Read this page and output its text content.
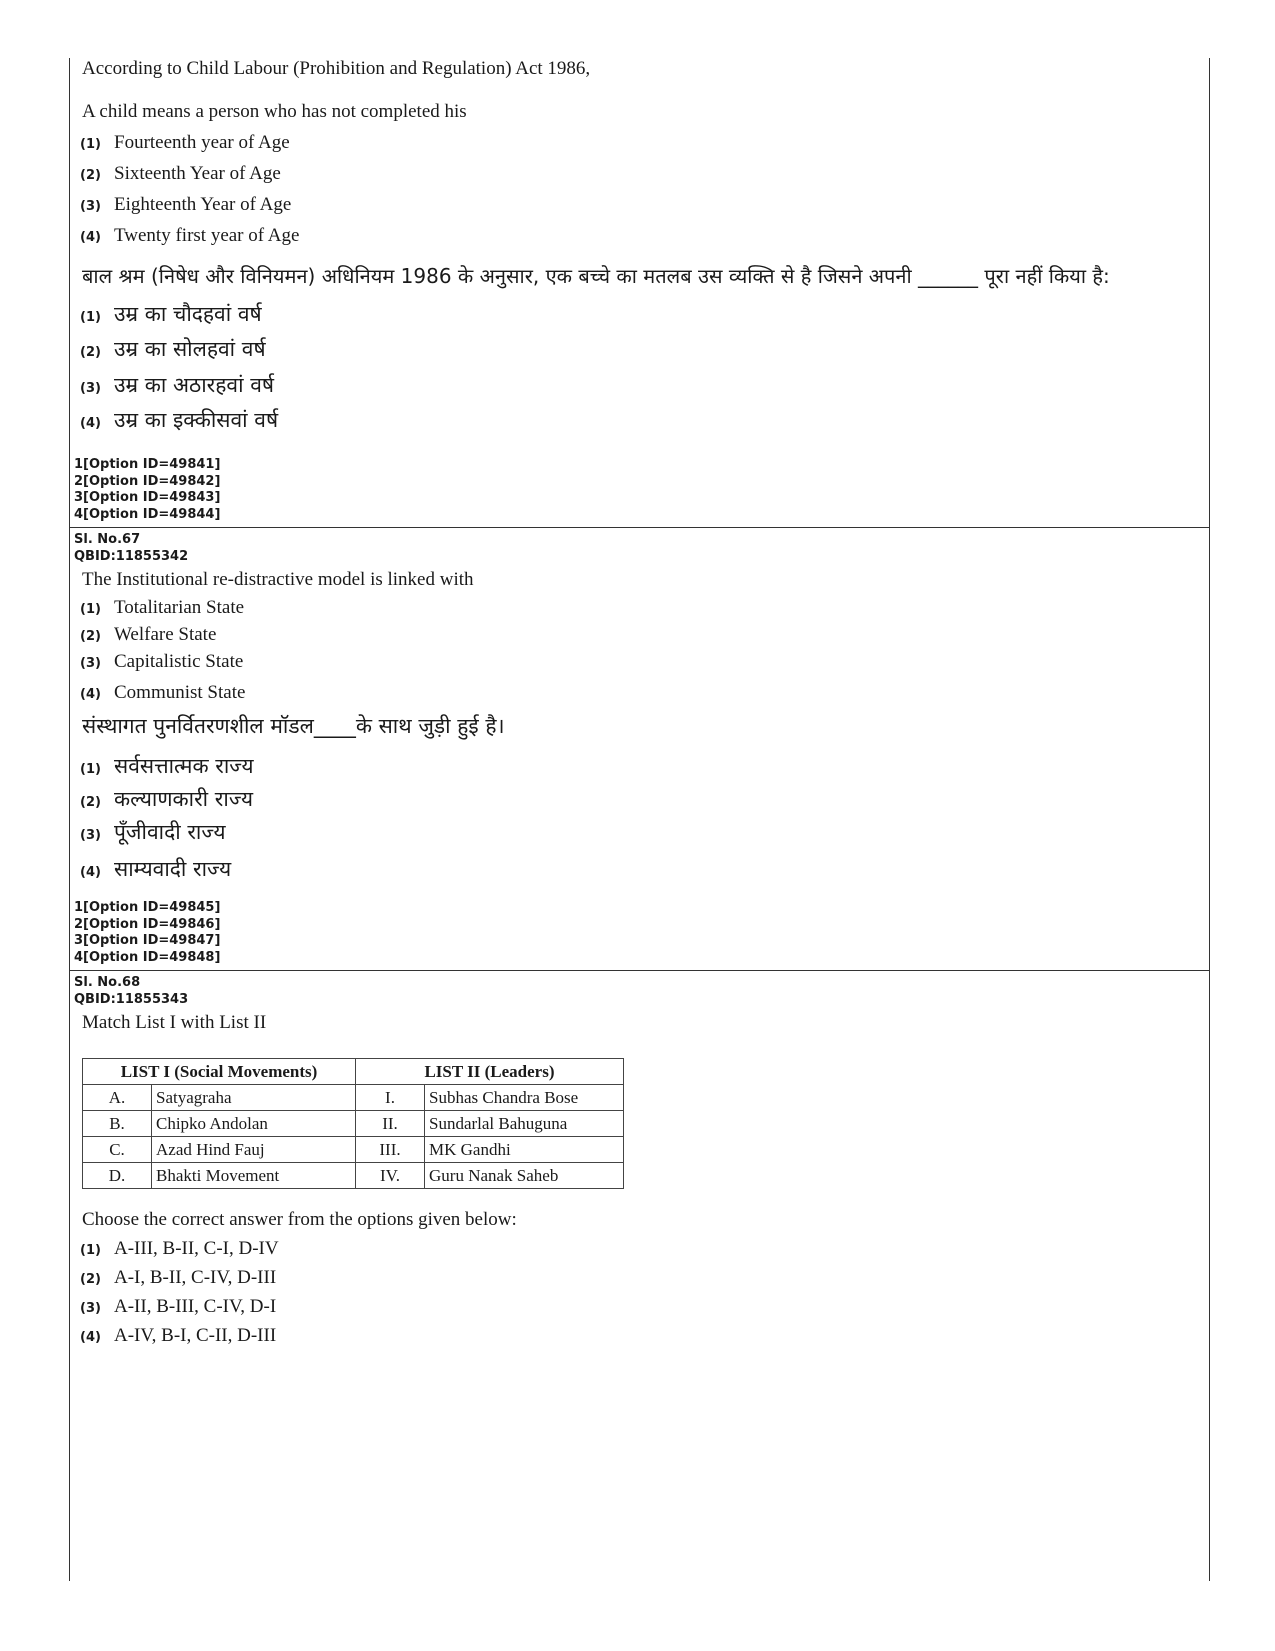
According to Child Labour (Prohibition and Regulation) Act 1986,
A child means a person who has not completed his
(1) Fourteenth year of Age
(2) Sixteenth Year of Age
(3) Eighteenth Year of Age
(4) Twenty first year of Age
बाल श्रम (निषेध और विनियमन) अधिनियम 1986 के अनुसार, एक बच्चे का मतलब उस व्यक्ति से है जिसने अपनी ______ पूरा नहीं किया है:
(1) उम्र का चौदहवां वर्ष
(2) उम्र का सोलहवां वर्ष
(3) उम्र का अठारहवां वर्ष
(4) उम्र का इक्कीसवां वर्ष
1[Option ID=49841]
2[Option ID=49842]
3[Option ID=49843]
4[Option ID=49844]
Sl. No.67
QBID:11855342
The Institutional re-distractive model is linked with
(1) Totalitarian State
(2) Welfare State
(3) Capitalistic State
(4) Communist State
संस्थागत पुनर्वितरणशील मॉडल____के साथ जुड़ी हुई है।
(1) सर्वसत्तात्मक राज्य
(2) कल्याणकारी राज्य
(3) पूँजीवादी राज्य
(4) साम्यवादी राज्य
1[Option ID=49845]
2[Option ID=49846]
3[Option ID=49847]
4[Option ID=49848]
Sl. No.68
QBID:11855343
Match List I with List II
LIST I (Social Movements)		LIST II (Leaders)	
A.	Satyagraha	I.	Subhas Chandra Bose
B.	Chipko Andolan	II.	Sundarlal Bahuguna
C.	Azad Hind Fauj	III.	MK Gandhi
D.	Bhakti Movement	IV.	Guru Nanak Saheb
Choose the correct answer from the options given below:
(1) A-III, B-II, C-I, D-IV
(2) A-I, B-II, C-IV, D-III
(3) A-II, B-III, C-IV, D-I
(4) A-IV, B-I, C-II, D-III
